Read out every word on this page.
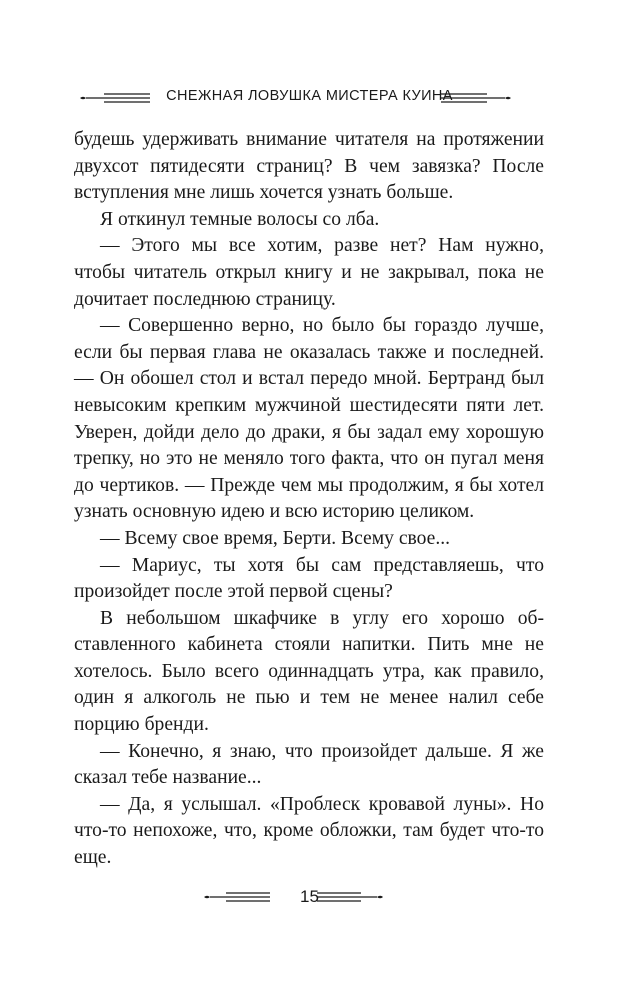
СНЕЖНАЯ ЛОВУШКА МИСТЕРА КУИНА

будешь удерживать внимание читателя на протяжении двухсот пятидесяти страниц? В чем завязка? После вступления мне лишь хочется узнать больше.

Я откинул темные волосы со лба.

— Этого мы все хотим, разве нет? Нам нужно, чтобы читатель открыл книгу и не закрывал, пока не дочитает последнюю страницу.

— Совершенно верно, но было бы гораздо лучше, если бы первая глава не оказалась также и последней. — Он обошел стол и встал передо мной. Бертранд был невысоким крепким мужчиной шестидесяти пяти лет. Уверен, дойди дело до драки, я бы задал ему хорошую трепку, но это не меняло того факта, что он пугал меня до чертиков. — Прежде чем мы продолжим, я бы хотел узнать основную идею и всю историю целиком.

— Всему свое время, Берти. Всему свое...

— Мариус, ты хотя бы сам представляешь, что произойдет после этой первой сцены?

В небольшом шкафчике в углу его хорошо обставленного кабинета стояли напитки. Пить мне не хотелось. Было всего одиннадцать утра, как правило, один я алкоголь не пью и тем не менее налил себе порцию бренди.

— Конечно, я знаю, что произойдет дальше. Я же сказал тебе название...

— Да, я услышал. «Проблеск кровавой луны». Но что-то непохоже, что, кроме обложки, там будет что-то еще.

15
